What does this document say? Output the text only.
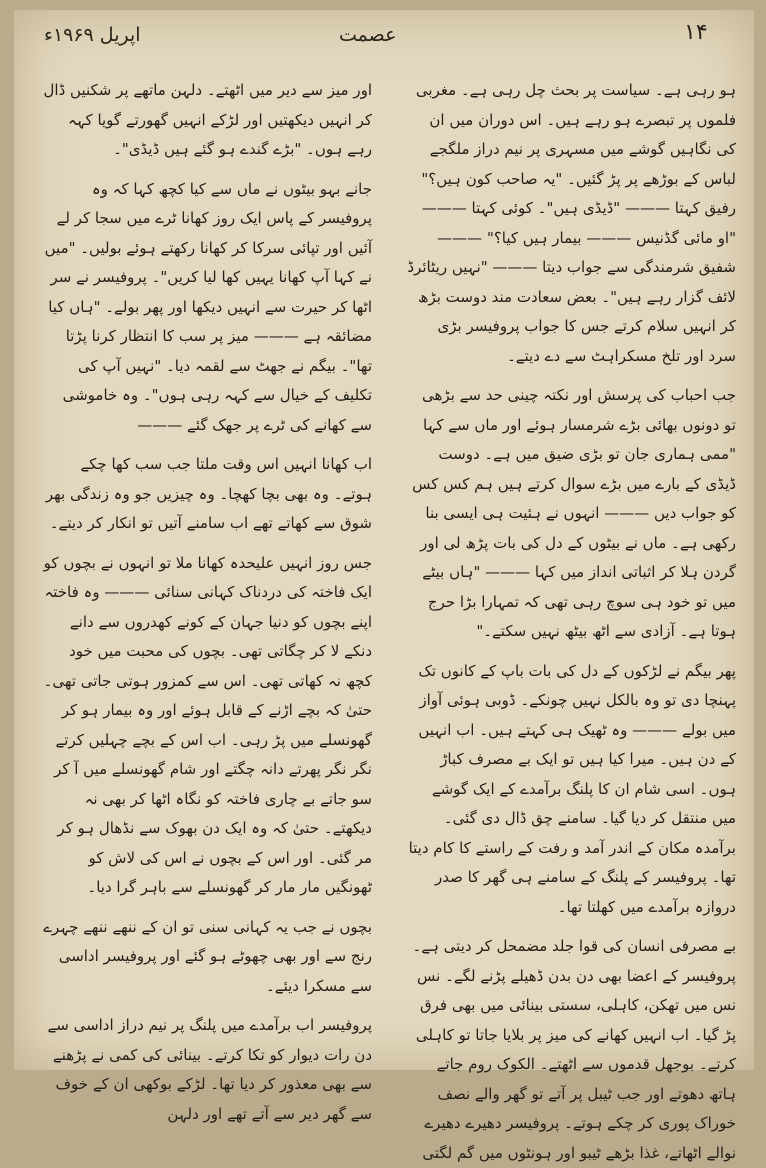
اپریل ۱۹۶۹ء	عصمت	۱۴

ہو رہی ہے۔ سیاست پر بحث چل رہی ہے۔ مغربی فلموں پر تبصرے ہو رہے ہیں۔ اس دوران میں ان کی نگاہیں گوشے میں مسہری پر نیم دراز ملگجے لباس کے بوڑھے پر پڑ گئیں۔ "یہ صاحب کون ہیں؟" رفیق کہتا ——— "ڈیڈی ہیں"۔ کوئی کہتا ——— "او مائی گڈنیس ——— بیمار ہیں کیا؟" ——— شفیق شرمندگی سے جواب دیتا ——— "نہیں ریٹائرڈ لائف گزار رہے ہیں"۔ بعض سعادت مند دوست بڑھ کر انہیں سلام کرتے جس کا جواب پروفیسر بڑی سرد اور تلخ مسکراہٹ سے دے دیتے۔

جب احباب کی پرسش اور نکتہ چینی حد سے بڑھی تو دونوں بھائی بڑے شرمسار ہوئے اور ماں سے کہا "ممی ہماری جان تو بڑی ضیق میں ہے۔ دوست ڈیڈی کے بارے میں بڑے سوال کرتے ہیں ہم کس کس کو جواب دیں ——— انہوں نے ہئیت ہی ایسی بنا رکھی ہے۔ ماں نے بیٹوں کے دل کی بات پڑھ لی اور گردن ہلا کر اثباتی انداز میں کہا ——— "ہاں بیٹے میں تو خود ہی سوچ رہی تھی کہ تمہارا بڑا حرج ہوتا ہے۔ آزادی سے اٹھ بیٹھ نہیں سکتے۔"

پھر بیگم نے لڑکوں کے دل کی بات باپ کے کانوں تک پہنچا دی تو وہ بالکل نہیں چونکے۔ ڈوبی ہوئی آواز میں بولے ——— وہ ٹھیک ہی کہتے ہیں۔ اب انہیں کے دن ہیں۔ میرا کیا ہیں تو ایک بے مصرف کباڑ ہوں۔ اسی شام ان کا پلنگ برآمدے کے ایک گوشے میں منتقل کر دیا گیا۔ سامنے چق ڈال دی گئی۔ برآمدہ مکان کے اندر آمد و رفت کے راستے کا کام دیتا تھا۔ پروفیسر کے پلنگ کے سامنے ہی گھر کا صدر دروازہ برآمدے میں کھلتا تھا۔

بے مصرفی انسان کی قوا جلد مضمحل کر دیتی ہے۔ پروفیسر کے اعضا بھی دن بدن ڈھیلے پڑنے لگے۔ نس نس میں تھکن، کاہلی، سستی بینائی میں بھی فرق پڑ گیا۔ اب انہیں کھانے کی میز پر بلایا جاتا تو کاہلی کرتے۔ بوجھل قدموں سے اٹھتے۔ الکوک روم جاتے ہاتھ دھوتے اور جب ٹیبل پر آتے تو گھر والے نصف خوراک پوری کر چکے ہوتے۔ پروفیسر دھیرے دھیرے نوالے اٹھاتے، غذا بڑھے ٹیبو اور ہونٹوں میں گم لگتی

اور میز سے دیر میں اٹھتے۔ دلہن ماتھے پر شکنیں ڈال کر انہیں دیکھتیں اور لڑکے انہیں گھورتے گویا کہہ رہے ہوں۔ "بڑے گندے ہو گئے ہیں ڈیڈی"۔

جانے بہو بیٹوں نے ماں سے کیا کچھ کہا کہ وہ پروفیسر کے پاس ایک روز کھانا ٹرے میں سجا کر لے آئیں اور تپائی سرکا کر کھانا رکھتے ہوئے بولیں۔ "میں نے کہا آپ کھانا یہیں کھا لیا کریں"۔ پروفیسر نے سر اٹھا کر حیرت سے انہیں دیکھا اور پھر بولے۔ "ہاں کیا مضائقہ ہے ——— میز پر سب کا انتظار کرنا پڑتا تھا"۔ بیگم نے جھٹ سے لقمہ دیا۔ "نہیں آپ کی تکلیف کے خیال سے کہہ رہی ہوں"۔ وہ خاموشی سے کھانے کی ٹرے پر جھک گئے ———

اب کھانا انہیں اس وقت ملتا جب سب کھا چکے ہوتے۔ وہ بھی بچا کھچا۔ وہ چیزیں جو وہ زندگی بھر شوق سے کھاتے تھے اب سامنے آتیں تو انکار کر دیتے۔

جس روز انہیں علیحدہ کھانا ملا تو انہوں نے بچوں کو ایک فاختہ کی دردناک کہانی سنائی ——— وہ فاختہ اپنے بچوں کو دنیا جہان کے کونے کھدروں سے دانے دنکے لا کر چگاتی تھی۔ بچوں کی محبت میں خود کچھ نہ کھاتی تھی۔ اس سے کمزور ہوتی جاتی تھی۔ حتیٰ کہ بچے اڑنے کے قابل ہوئے اور وہ بیمار ہو کر گھونسلے میں پڑ رہی۔ اب اس کے بچے چہلیں کرتے نگر نگر پھرتے دانہ چگتے اور شام گھونسلے میں آ کر سو جاتے بے چاری فاختہ کو نگاہ اٹھا کر بھی نہ دیکھتے۔ حتیٰ کہ وہ ایک دن بھوک سے نڈھال ہو کر مر گئی۔ اور اس کے بچوں نے اس کی لاش کو ٹھونگیں مار مار کر گھونسلے سے باہر گرا دیا۔

بچوں نے جب یہ کہانی سنی تو ان کے ننھے ننھے چہرے رنج سے اور بھی چھوٹے ہو گئے اور پروفیسر اداسی سے مسکرا دیئے۔

پروفیسر اب برآمدے میں پلنگ پر نیم دراز اداسی سے دن رات دیوار کو تکا کرتے۔ بینائی کی کمی نے پڑھنے سے بھی معذور کر دیا تھا۔ لڑکے بوکھی ان کے خوف سے گھر دیر سے آتے تھے اور دلہن
